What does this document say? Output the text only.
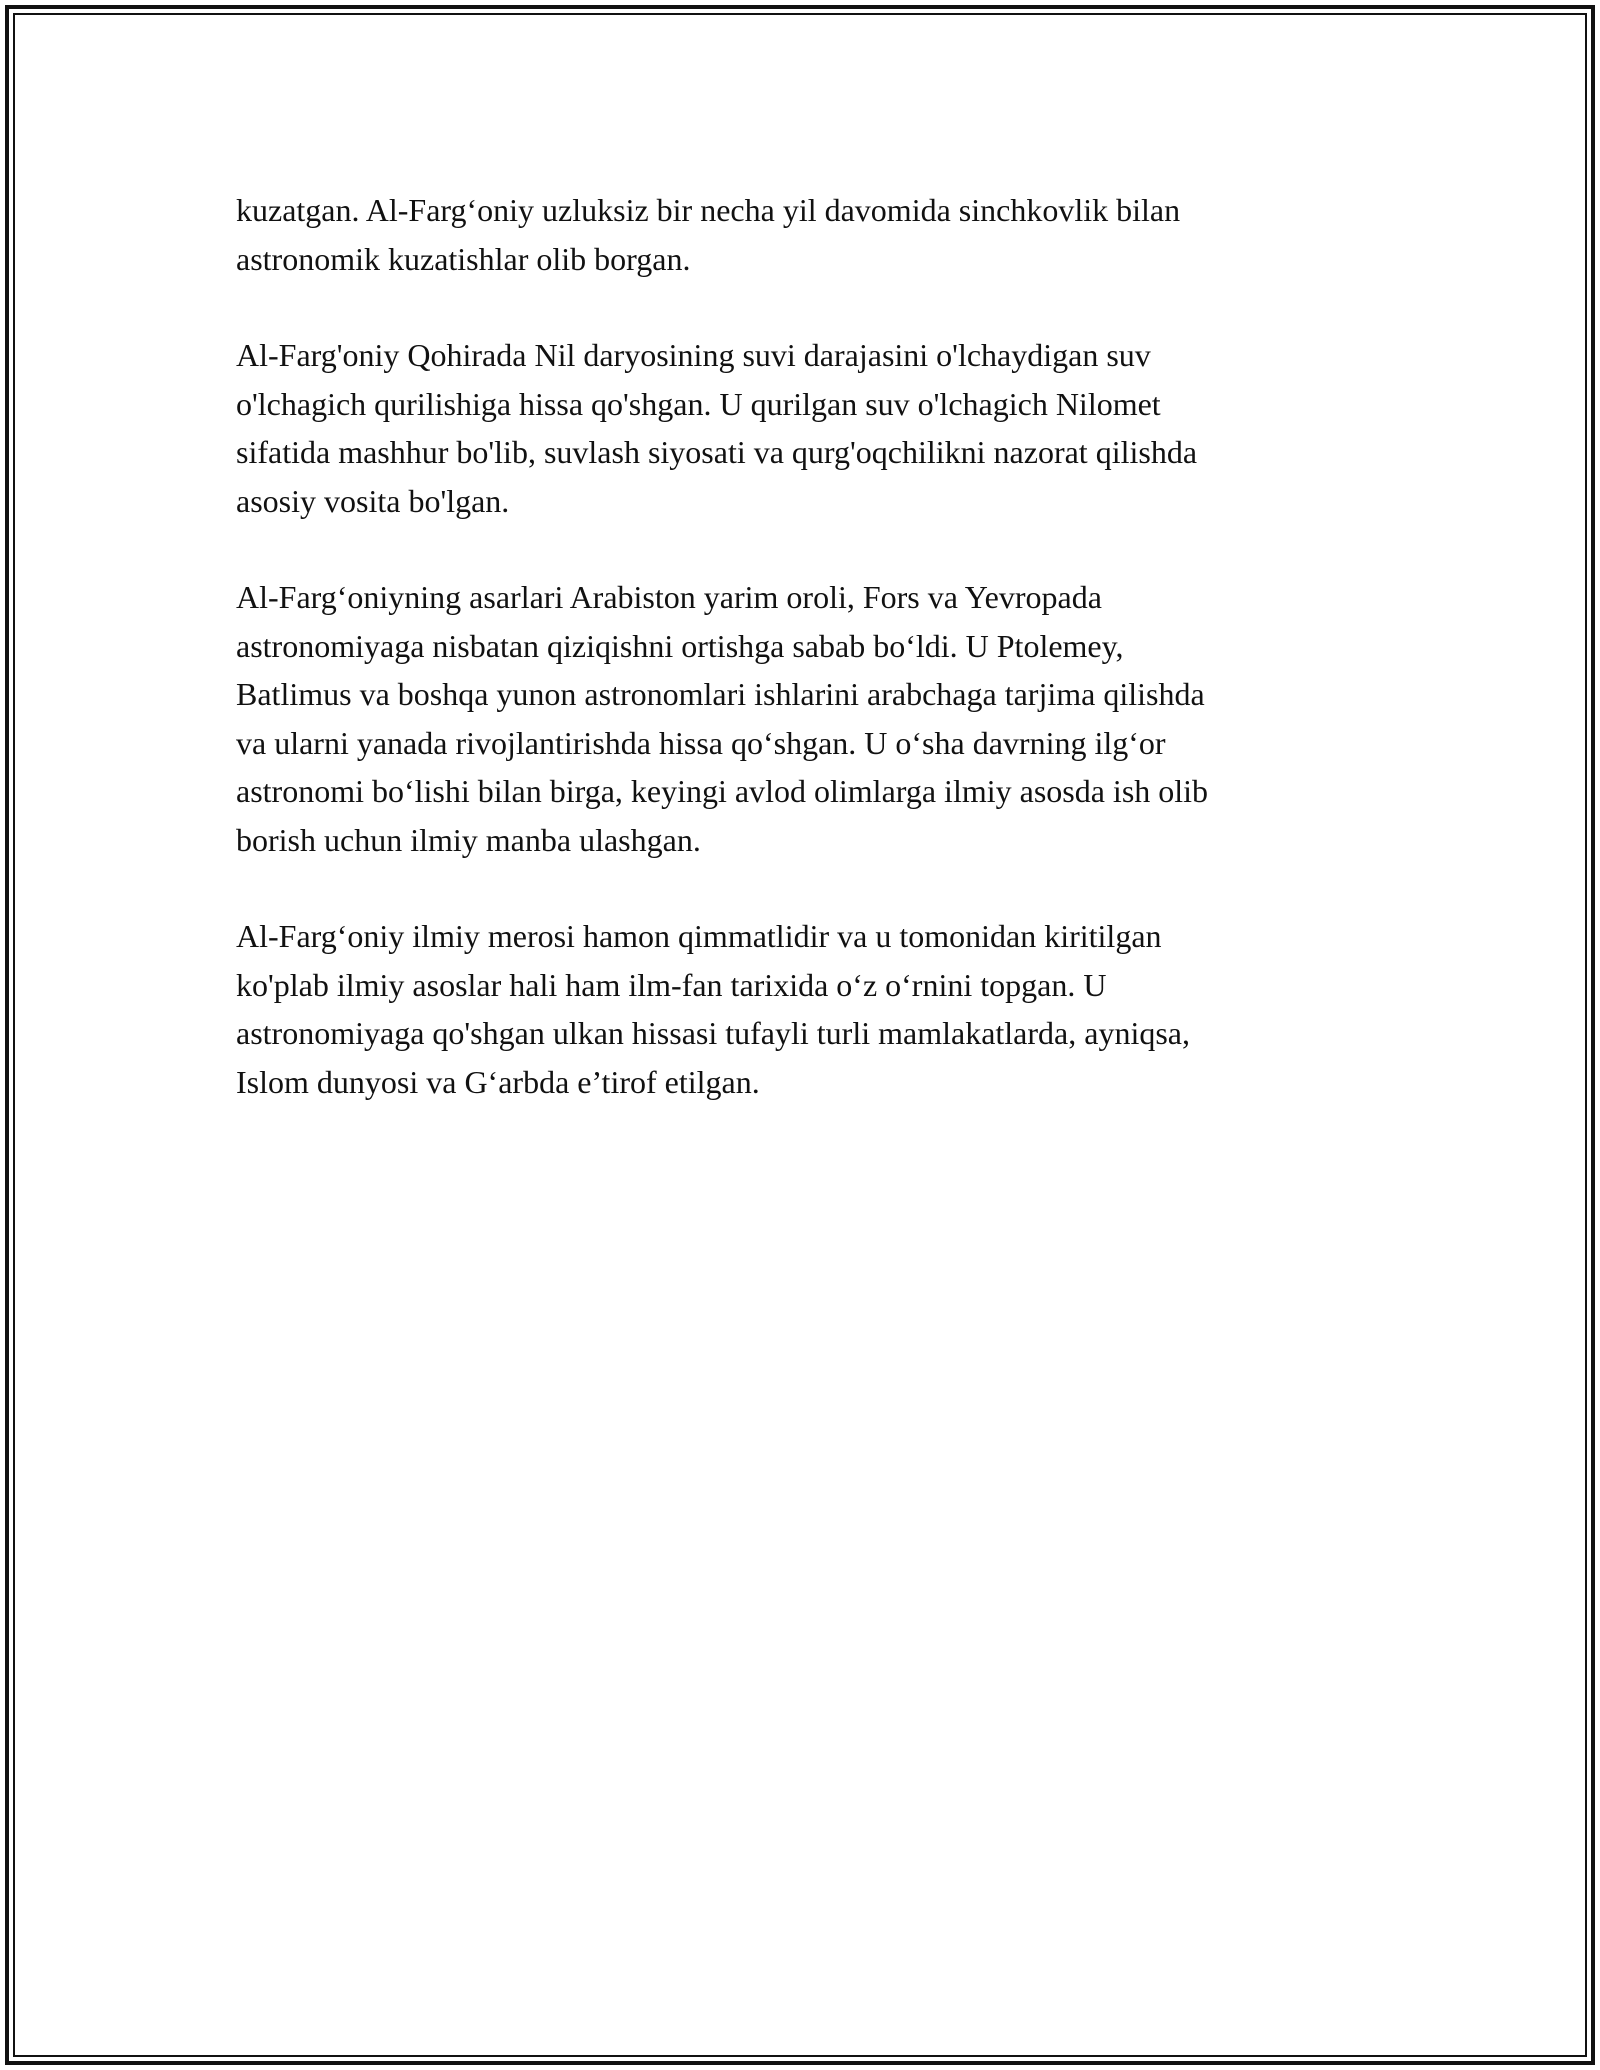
kuzatgan. Al-Farg‘oniy uzluksiz bir necha yil davomida sinchkovlik bilan
astronomik kuzatishlar olib borgan.

Al-Farg'oniy Qohirada Nil daryosining suvi darajasini o'lchaydigan suv
o'lchagich qurilishiga hissa qo'shgan. U qurilgan suv o'lchagich Nilomet
sifatida mashhur bo'lib, suvlash siyosati va qurg'oqchilikni nazorat qilishda
asosiy vosita bo'lgan.

Al-Farg‘oniyning asarlari Arabiston yarim oroli, Fors va Yevropada
astronomiyaga nisbatan qiziqishni ortishga sabab bo‘ldi. U Ptolemey,
Batlimus va boshqa yunon astronomlari ishlarini arabchaga tarjima qilishda
va ularni yanada rivojlantirishda hissa qo‘shgan. U o‘sha davrning ilg‘or
astronomi bo‘lishi bilan birga, keyingi avlod olimlarga ilmiy asosda ish olib
borish uchun ilmiy manba ulashgan.

Al-Farg‘oniy ilmiy merosi hamon qimmatlidir va u tomonidan kiritilgan
ko'plab ilmiy asoslar hali ham ilm-fan tarixida o‘z o‘rnini topgan. U
astronomiyaga qo'shgan ulkan hissasi tufayli turli mamlakatlarda, ayniqsa,
Islom dunyosi va G‘arbda e’tirof etilgan.
